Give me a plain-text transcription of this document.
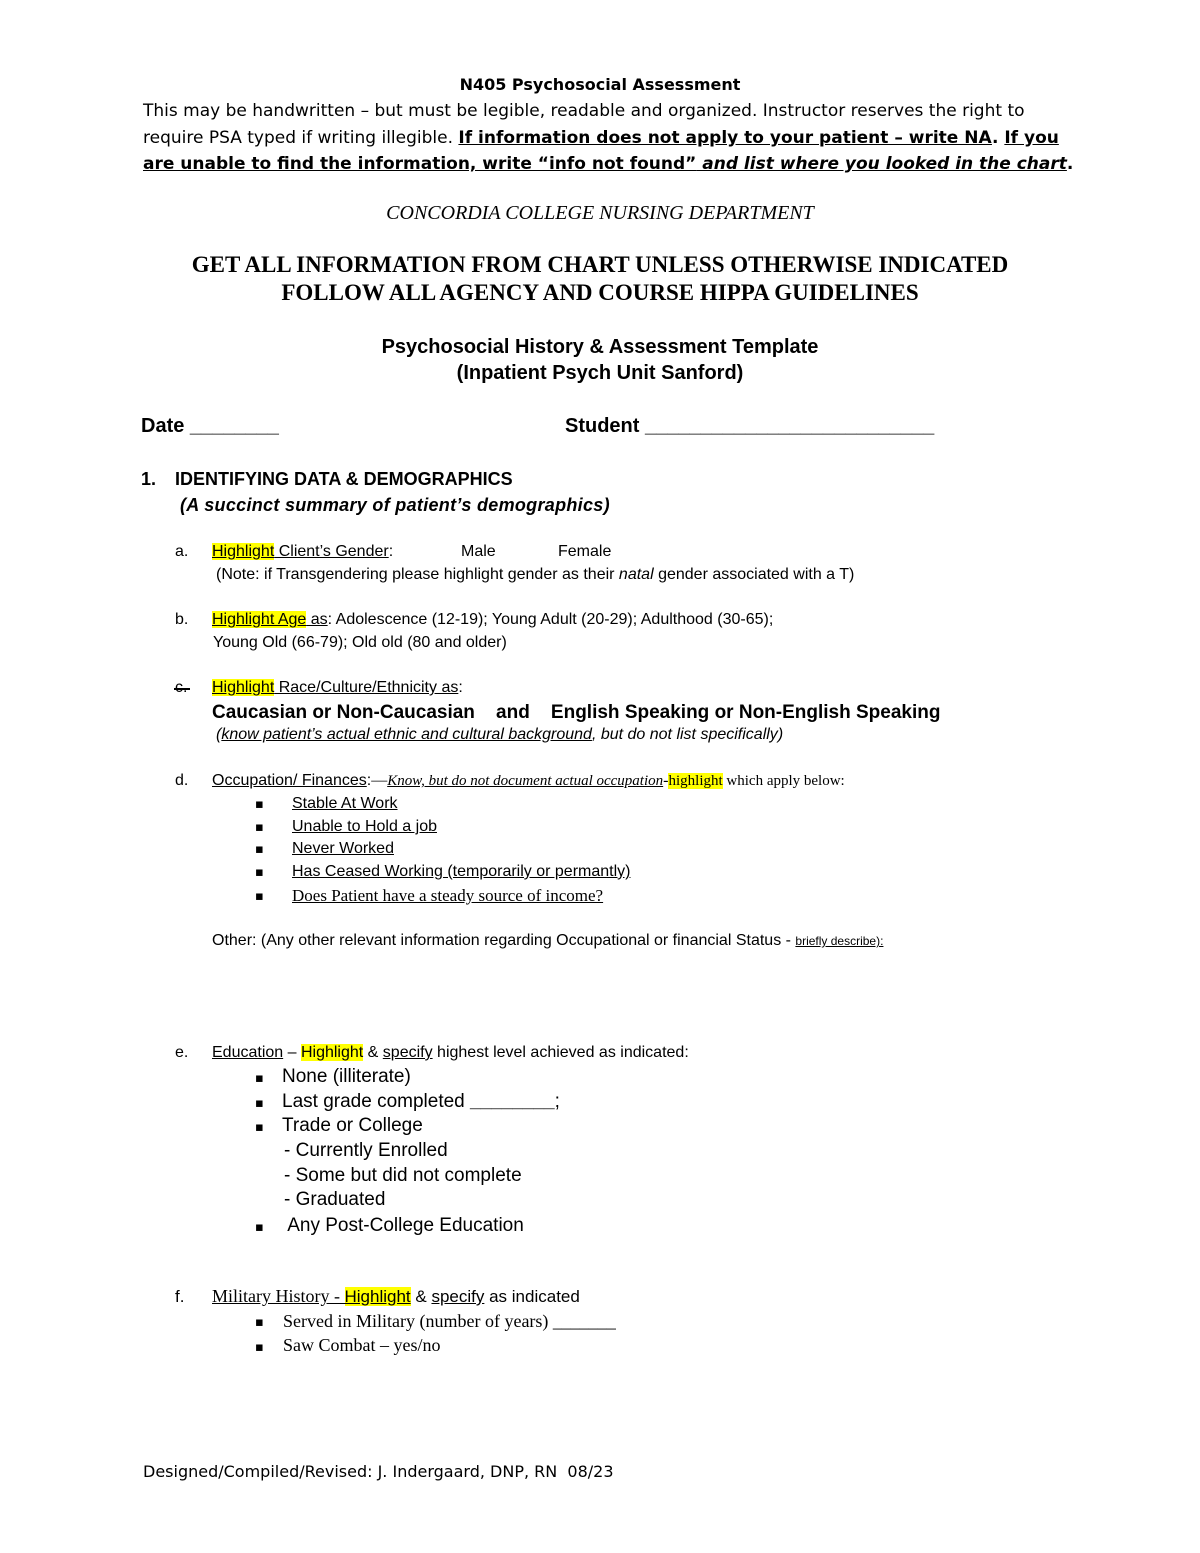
N405 Psychosocial Assessment
This may be handwritten – but must be legible, readable and organized. Instructor reserves the right to
require PSA typed if writing illegible. If information does not apply to your patient – write NA. If you
are unable to find the information, write “info not found” and list where you looked in the chart.
CONCORDIA COLLEGE NURSING DEPARTMENT
GET ALL INFORMATION FROM CHART UNLESS OTHERWISE INDICATED
FOLLOW ALL AGENCY AND COURSE HIPPA GUIDELINES
Psychosocial History & Assessment Template
(Inpatient Psych Unit Sanford)
Date ________	Student __________________________
1. IDENTIFYING DATA & DEMOGRAPHICS
(A succinct summary of patient’s demographics)
a. Highlight Client’s Gender:	Male	Female
(Note: if Transgendering please highlight gender as their natal gender associated with a T)
b. Highlight Age as: Adolescence (12-19); Young Adult (20-29); Adulthood (30-65);
Young Old (66-79); Old old (80 and older)
Highlight Race/Culture/Ethnicity as:
Caucasian or Non-Caucasian    and    English Speaking or Non-English Speaking
(know patient’s actual ethnic and cultural background, but do not list specifically)
d. Occupation/ Finances:—Know, but do not document actual occupation-highlight which apply below:
▪ Stable At Work
▪ Unable to Hold a job
▪ Never Worked
▪ Has Ceased Working (temporarily or permantly)
▪ Does Patient have a steady source of income?
Other: (Any other relevant information regarding Occupational or financial Status - briefly describe):
e. Education – Highlight & specify highest level achieved as indicated:
▪ None (illiterate)
▪ Last grade completed ________;
▪ Trade or College
- Currently Enrolled
- Some but did not complete
- Graduated
▪ Any Post-College Education
f. Military History - Highlight & specify as indicated
▪ Served in Military (number of years) _______
▪ Saw Combat – yes/no
Designed/Compiled/Revised: J. Indergaard, DNP, RN  08/23
